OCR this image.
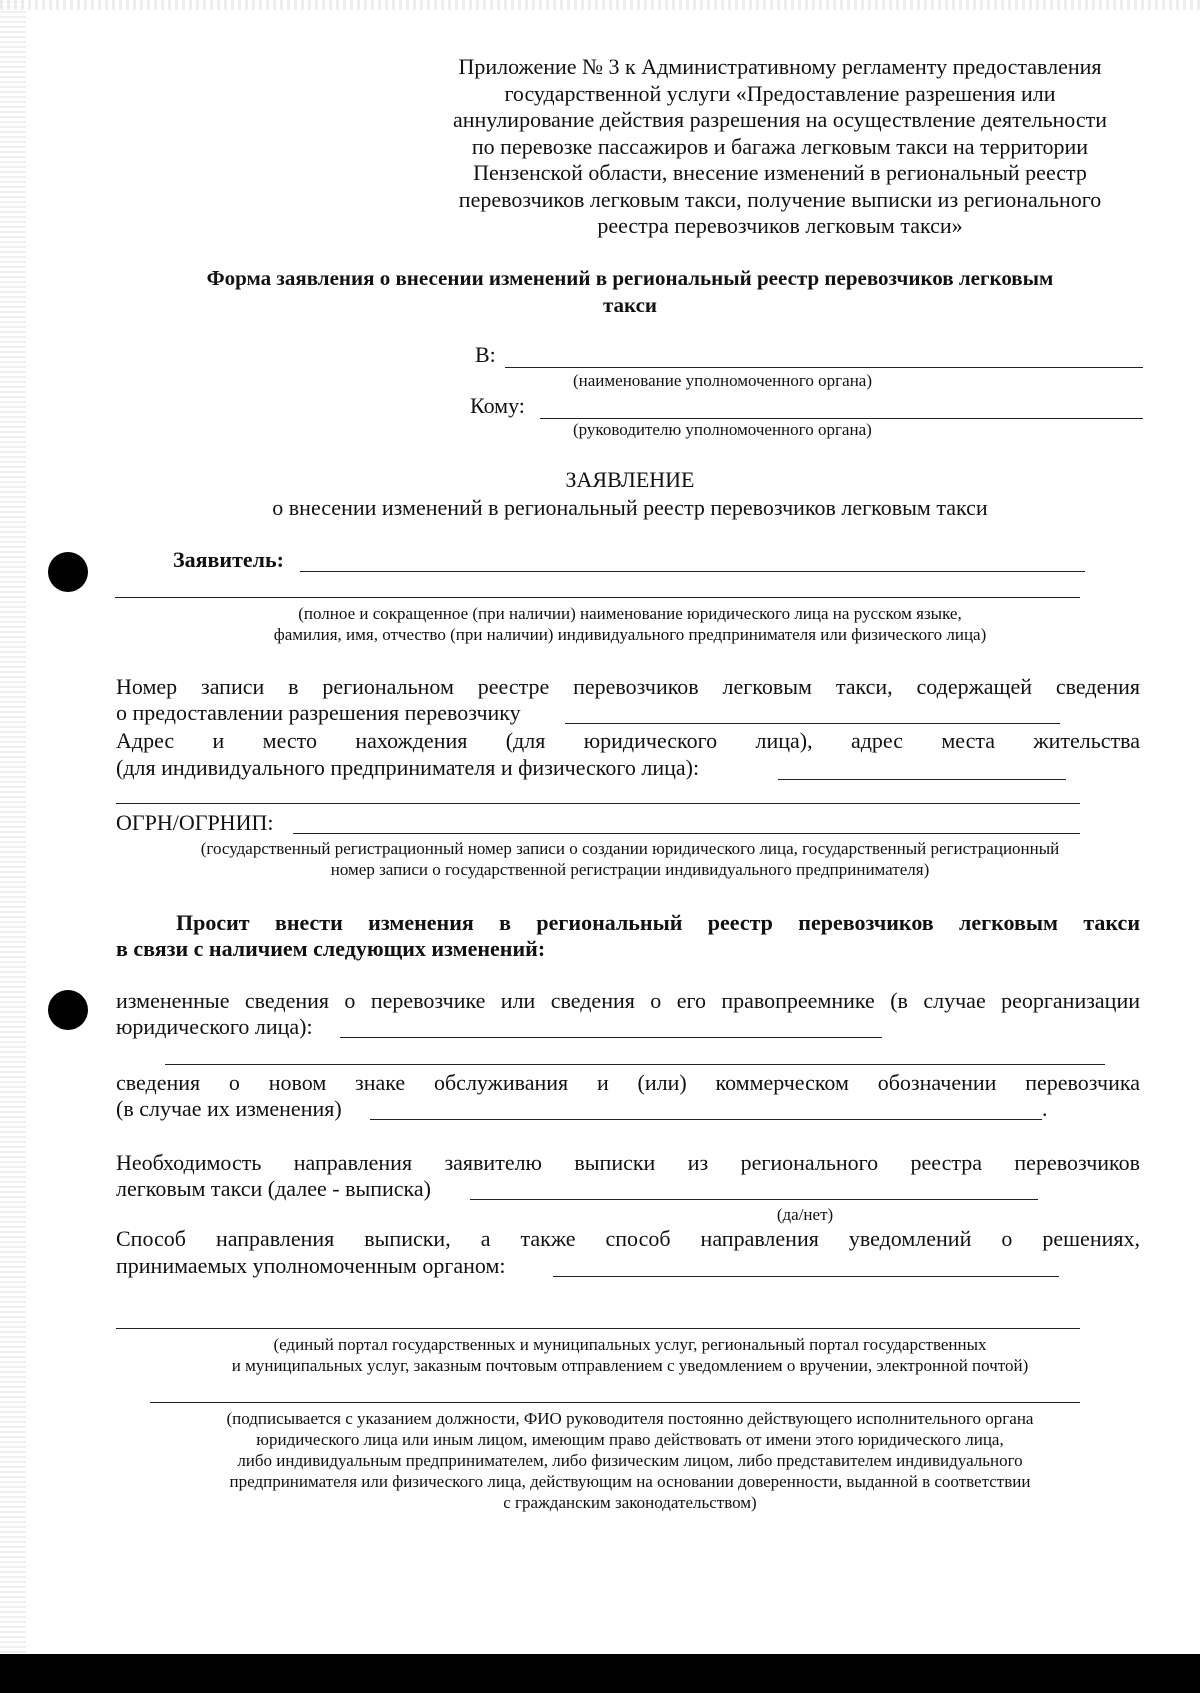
Приложение № 3 к Административному регламенту предоставления
государственной услуги «Предоставление разрешения или
аннулирование действия разрешения на осуществление деятельности
по перевозке пассажиров и багажа легковым такси на территории
Пензенской области, внесение изменений в региональный реестр
перевозчиков легковым такси, получение выписки из регионального
реестра перевозчиков легковым такси»
Форма заявления о внесении изменений в региональный реестр перевозчиков легковым
такси
В:
(наименование уполномоченного органа)
Кому:
(руководителю уполномоченного органа)
ЗАЯВЛЕНИЕ
о внесении изменений в региональный реестр перевозчиков легковым такси
Заявитель:
(полное и сокращенное (при наличии) наименование юридического лица на русском языке,
фамилия, имя, отчество (при наличии) индивидуального предпринимателя или физического лица)
Номер записи в региональном реестре перевозчиков легковым такси, содержащей сведения
о предоставлении разрешения перевозчику
Адрес и место нахождения (для юридического лица), адрес места жительства
(для индивидуального предпринимателя и физического лица):
ОГРН/ОГРНИП:
(государственный регистрационный номер записи о создании юридического лица, государственный регистрационный
номер записи о государственной регистрации индивидуального предпринимателя)
Просит внести изменения в региональный реестр перевозчиков легковым такси
в связи с наличием следующих изменений:
измененные сведения о перевозчике или сведения о его правопреемнике (в случае реорганизации
юридического лица):
сведения о новом знаке обслуживания и (или) коммерческом обозначении перевозчика
(в случае их изменения)	.
Необходимость направления заявителю выписки из регионального реестра перевозчиков
легковым такси (далее - выписка)
(да/нет)
Способ направления выписки, а также способ направления уведомлений о решениях,
принимаемых уполномоченным органом:
(единый портал государственных и муниципальных услуг, региональный портал государственных
и муниципальных услуг, заказным почтовым отправлением с уведомлением о вручении, электронной почтой)
(подписывается с указанием должности, ФИО руководителя постоянно действующего исполнительного органа
юридического лица или иным лицом, имеющим право действовать от имени этого юридического лица,
либо индивидуальным предпринимателем, либо физическим лицом, либо представителем индивидуального
предпринимателя или физического лица, действующим на основании доверенности, выданной в соответствии
с гражданским законодательством)
